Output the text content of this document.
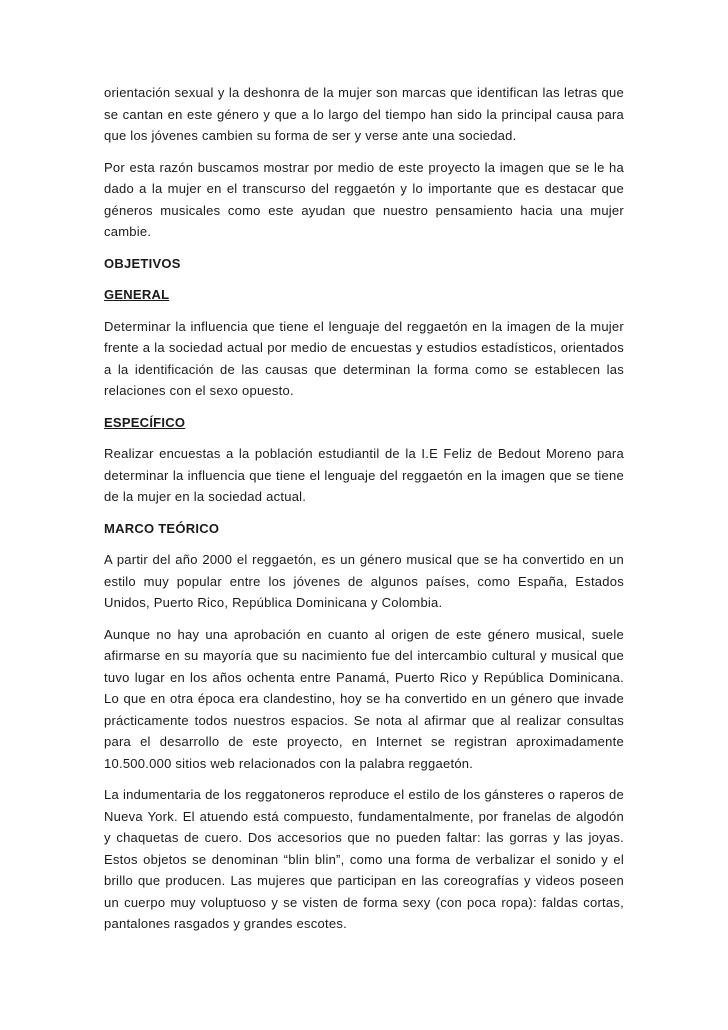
orientación sexual y la deshonra de la mujer son marcas que identifican las letras que se cantan en este género y que a lo largo del tiempo han sido la principal causa para que los jóvenes cambien su forma de ser y verse ante una sociedad.

Por esta razón buscamos mostrar por medio de este proyecto la imagen que se le ha dado a la mujer en el transcurso del reggaetón y lo importante que es destacar que géneros musicales como este ayudan que nuestro pensamiento hacia una mujer cambie.

OBJETIVOS
GENERAL

Determinar la influencia que tiene el lenguaje del reggaetón en la imagen de la mujer frente a la sociedad actual por medio de encuestas y estudios estadísticos, orientados a la identificación de las causas que determinan la forma como se establecen las relaciones con el sexo opuesto.

ESPECÍFICO

Realizar encuestas a la población estudiantil de la I.E Feliz de Bedout Moreno para determinar la influencia que tiene el lenguaje del reggaetón en la imagen que se tiene de la mujer en la sociedad actual.

MARCO TEÓRICO

A partir del año 2000 el reggaetón, es un género musical que se ha convertido en un estilo muy popular entre los jóvenes de algunos países, como España, Estados Unidos, Puerto Rico, República Dominicana y Colombia.

Aunque no hay una aprobación en cuanto al origen de este género musical, suele afirmarse en su mayoría que su nacimiento fue del intercambio cultural y musical que tuvo lugar en los años ochenta entre Panamá, Puerto Rico y República Dominicana. Lo que en otra época era clandestino, hoy se ha convertido en un género que invade prácticamente todos nuestros espacios. Se nota al afirmar que al realizar consultas para el desarrollo de este proyecto, en Internet se registran aproximadamente 10.500.000 sitios web relacionados con la palabra reggaetón.

La indumentaria de los reggatoneros reproduce el estilo de los gánsteres o raperos de Nueva York. El atuendo está compuesto, fundamentalmente, por franelas de algodón y chaquetas de cuero. Dos accesorios que no pueden faltar: las gorras y las joyas. Estos objetos se denominan “blin blin”, como una forma de verbalizar el sonido y el brillo que producen. Las mujeres que participan en las coreografías y videos poseen un cuerpo muy voluptuoso y se visten de forma sexy (con poca ropa): faldas cortas, pantalones rasgados y grandes escotes.
